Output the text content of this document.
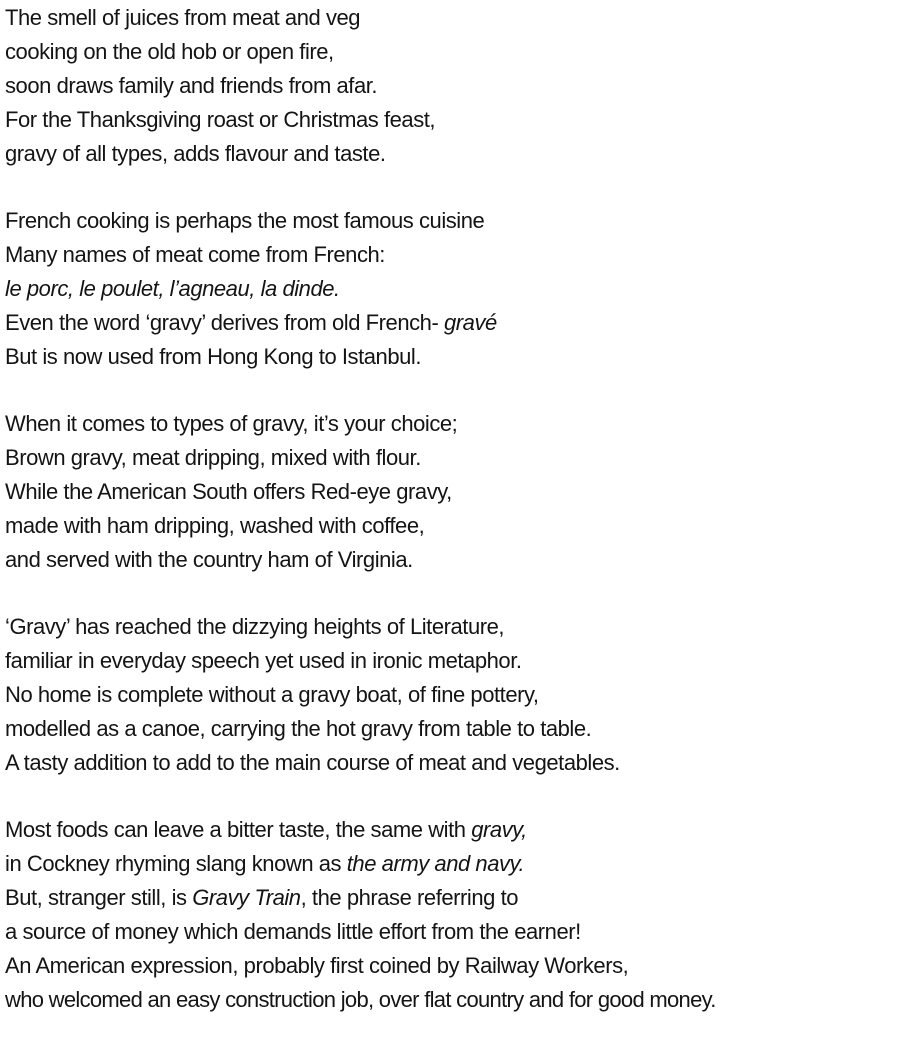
The smell of juices from meat and veg
cooking on the old hob or open fire,
soon draws family and friends from afar.
For the Thanksgiving roast or Christmas feast,
gravy of all types, adds flavour and taste.
French cooking is perhaps the most famous cuisine
Many names of meat come from French:
le porc, le poulet, l’agneau, la dinde.
Even the word ‘gravy’ derives from old French- gravé
But is now used from Hong Kong to Istanbul.
When it comes to types of gravy, it’s your choice;
Brown gravy, meat dripping, mixed with flour.
While the American South offers Red-eye gravy,
made with ham dripping, washed with coffee,
and served with the country ham of Virginia.
‘Gravy’ has reached the dizzying heights of Literature,
familiar in everyday speech yet used in ironic metaphor.
No home is complete without a gravy boat, of fine pottery,
modelled as a canoe, carrying the hot gravy from table to table.
A tasty addition to add to the main course of meat and vegetables.
Most foods can leave a bitter taste, the same with gravy,
in Cockney rhyming slang known as the army and navy.
But, stranger still, is Gravy Train, the phrase referring to
a source of money which demands little effort from the earner!
An American expression, probably first coined by Railway Workers,
who welcomed an easy construction job, over flat country and for good money.
